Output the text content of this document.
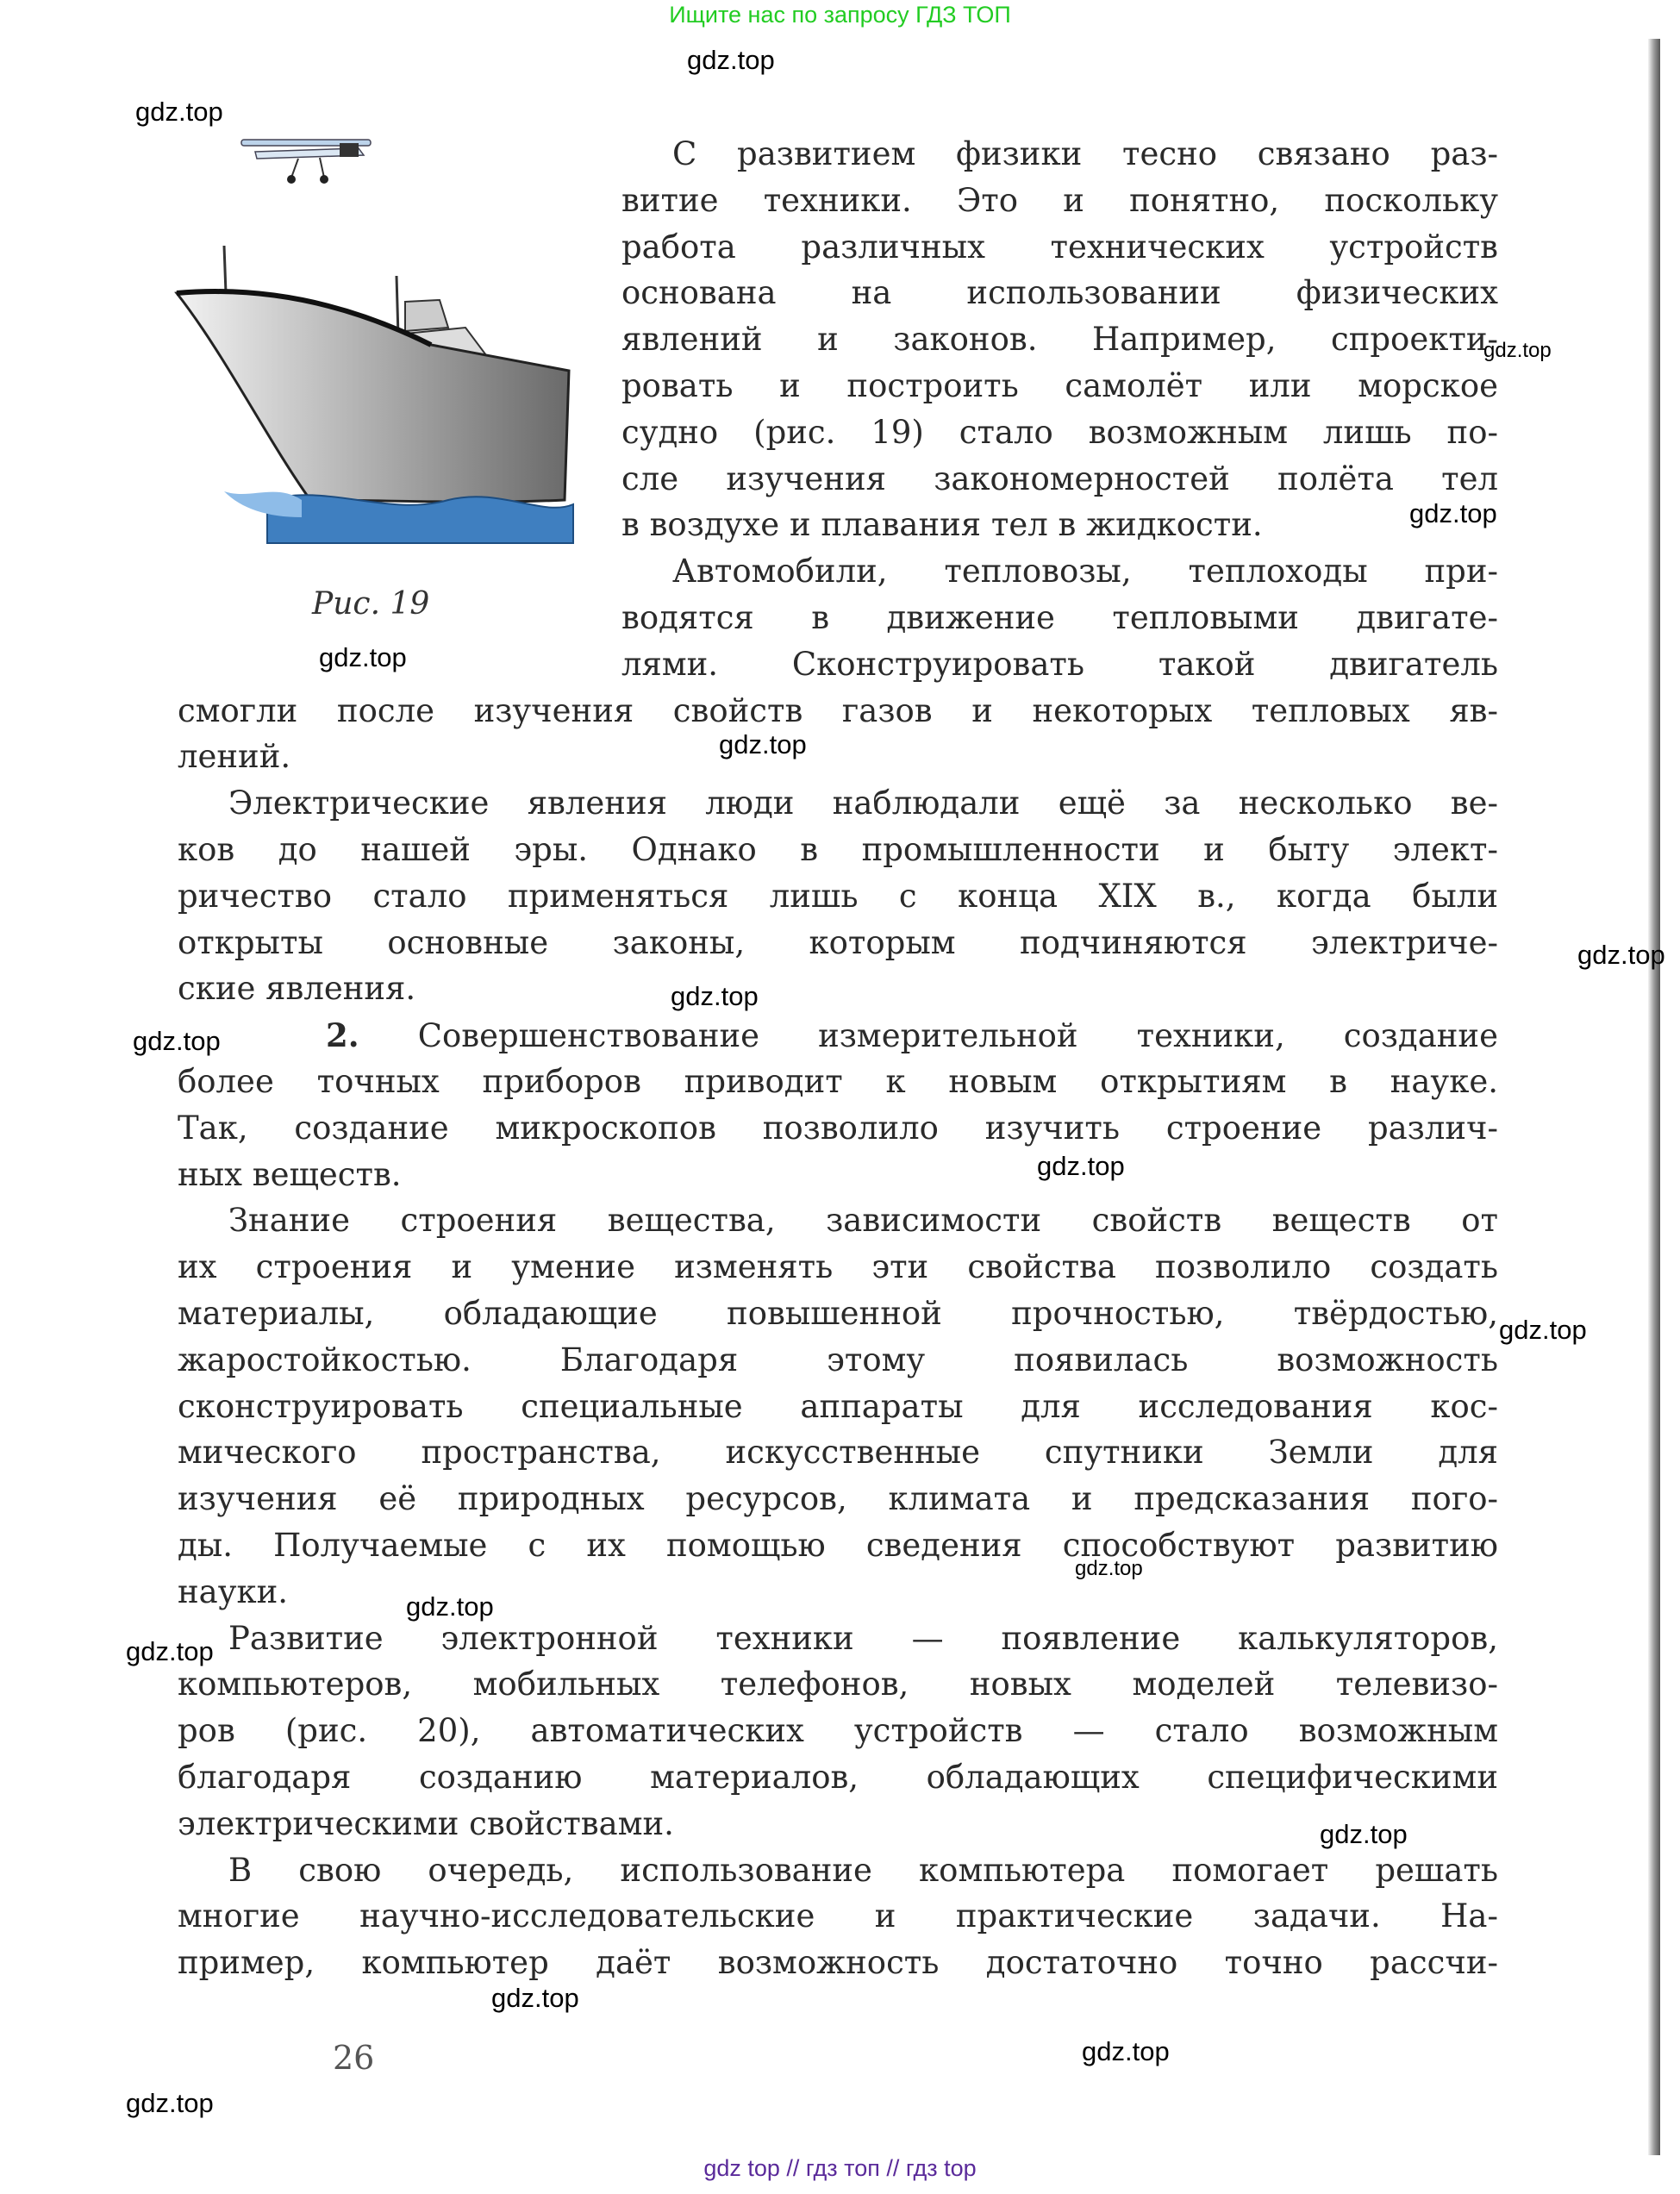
Ищите нас по запросу ГДЗ ТОП
Рис. 19
С развитием физики тесно связано раз-
витие техники. Это и понятно, поскольку
работа различных технических устройств
основана на использовании физических
явлений и законов. Например, спроекти-
ровать и построить самолёт или морское
судно (рис. 19) стало возможным лишь по-
сле изучения закономерностей полёта тел
в воздухе и плавания тел в жидкости.
Автомобили, тепловозы, теплоходы при-
водятся в движение тепловыми двигате-
лями. Сконструировать такой двигатель
смогли после изучения свойств газов и некоторых тепловых яв-
лений.
Электрические явления люди наблюдали ещё за несколько ве-
ков до нашей эры. Однако в промышленности и быту элект-
ричество стало применяться лишь с конца XIX в., когда были
открыты основные законы, которым подчиняются электриче-
ские явления.
2. Совершенствование измерительной техники, создание
более точных приборов приводит к новым открытиям в науке.
Так, создание микроскопов позволило изучить строение различ-
ных веществ.
Знание строения вещества, зависимости свойств веществ от
их строения и умение изменять эти свойства позволило создать
материалы, обладающие повышенной прочностью, твёрдостью,
жаростойкостью. Благодаря этому появилась возможность
сконструировать специальные аппараты для исследования кос-
мического пространства, искусственные спутники Земли для
изучения её природных ресурсов, климата и предсказания пого-
ды. Получаемые с их помощью сведения способствуют развитию
науки.
Развитие электронной техники — появление калькуляторов,
компьютеров, мобильных телефонов, новых моделей телевизо-
ров (рис. 20), автоматических устройств — стало возможным
благодаря созданию материалов, обладающих специфическими
электрическими свойствами.
В свою очередь, использование компьютера помогает решать
многие научно-исследовательские и практические задачи. На-
пример, компьютер даёт возможность достаточно точно рассчи-
26
gdz top // гдз топ // гдз top
gdz.top
gdz.top
gdz.top
gdz.top
gdz.top
gdz.top
gdz.top
gdz.top
gdz.top
gdz.top
gdz.top
gdz.top
gdz.top
gdz.top
gdz.top
gdz.top
gdz.top
gdz.top
